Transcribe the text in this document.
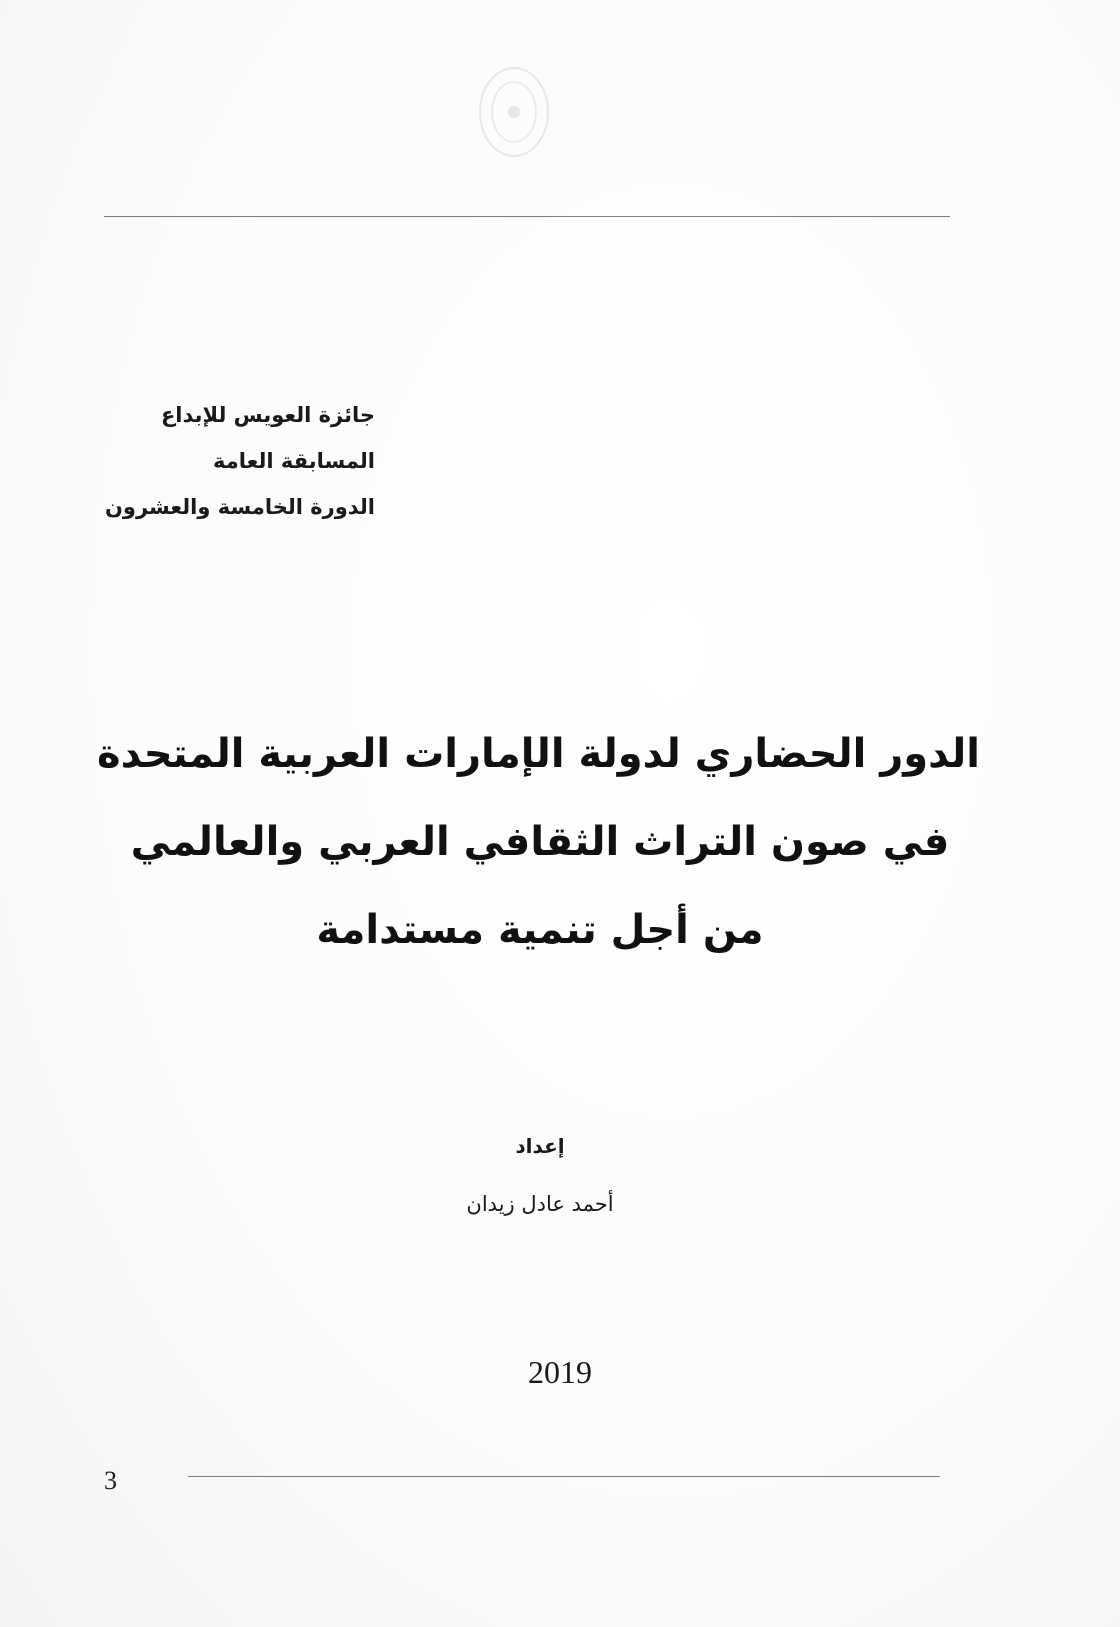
جائزة العويس للإبداع
المسابقة العامة
الدورة الخامسة والعشرون
الدور الحضاري لدولة الإمارات العربية المتحدة
في صون التراث الثقافي العربي والعالمي
من أجل تنمية مستدامة
إعداد
أحمد عادل زيدان
2019
3
